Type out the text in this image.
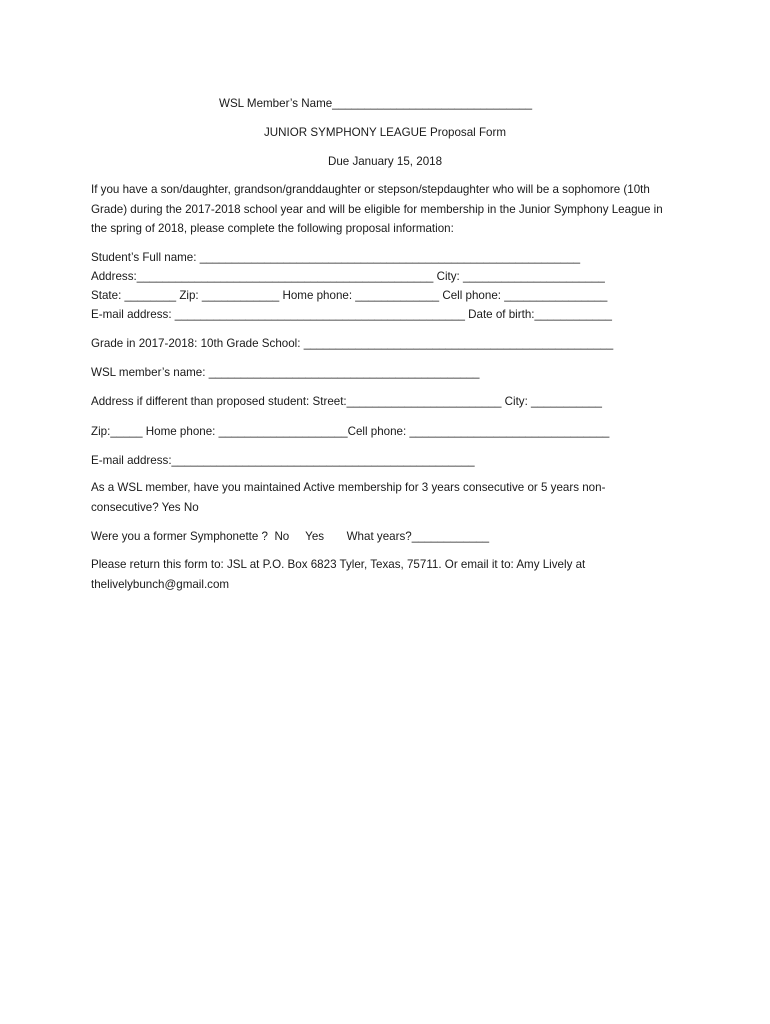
WSL Member’s Name_______________________________
JUNIOR SYMPHONY LEAGUE Proposal Form
Due January 15, 2018
If you have a son/daughter, grandson/granddaughter or stepson/stepdaughter who will be a sophomore (10th Grade) during the 2017-2018 school year and will be eligible for membership in the Junior Symphony League in the spring of 2018, please complete the following proposal information:
Student’s Full name: ___________________________________________________________
Address:______________________________________________ City: ______________________
State: ________ Zip: ____________ Home phone: _____________ Cell phone: ________________
E-mail address: _____________________________________________ Date of birth:____________
Grade in 2017-2018: 10th Grade School: ________________________________________________
WSL member’s name: __________________________________________
Address if different than proposed student: Street:________________________ City: ___________
Zip:_____ Home phone: ____________________Cell phone: _______________________________
E-mail address:_______________________________________________
As a WSL member, have you maintained Active membership for 3 years consecutive or 5 years non-consecutive? Yes No
Were you a former Symphonette ?  No     Yes       What years?____________
Please return this form to: JSL at P.O. Box 6823 Tyler, Texas, 75711. Or email it to: Amy Lively at thelivelybunch@gmail.com
